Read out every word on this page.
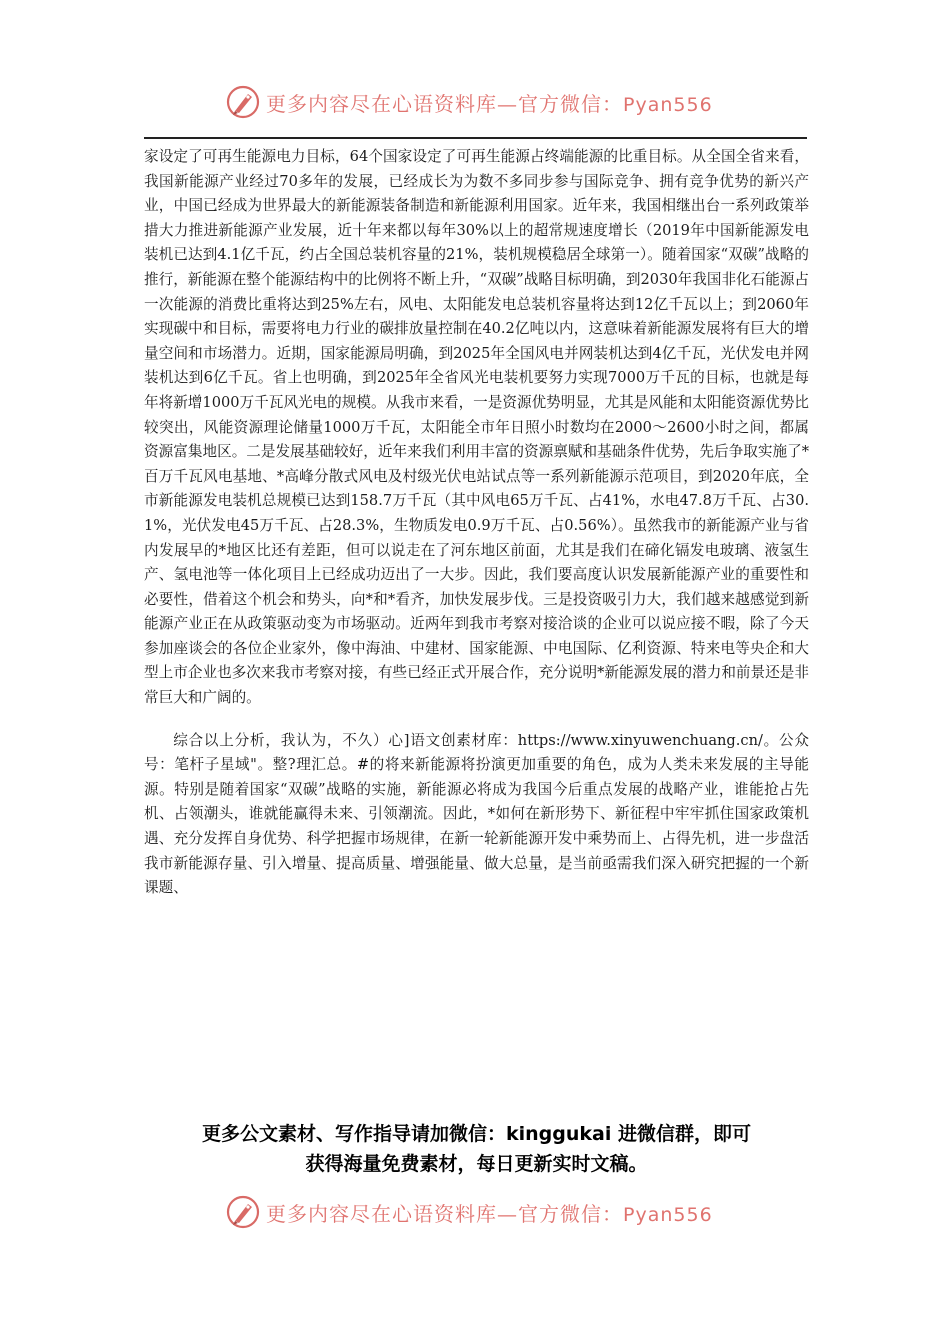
更多内容尽在心语资料库—官方微信：Pyan556

家设定了可再生能源电力目标，64个国家设定了可再生能源占终端能源的比重目标。从全国全省来看，我国新能源产业经过70多年的发展，已经成长为为数不多同步参与国际竞争、拥有竞争优势的新兴产业，中国已经成为世界最大的新能源装备制造和新能源利用国家。近年来，我国相继出台一系列政策举措大力推进新能源产业发展，近十年来都以每年30%以上的超常规速度增长（2019年中国新能源发电装机已达到4.1亿千瓦，约占全国总装机容量的21%，装机规模稳居全球第一）。随着国家“双碳”战略的推行，新能源在整个能源结构中的比例将不断上升，“双碳”战略目标明确，到2030年我国非化石能源占一次能源的消费比重将达到25%左右，风电、太阳能发电总装机容量将达到12亿千瓦以上；到2060年实现碳中和目标，需要将电力行业的碳排放量控制在40.2亿吨以内，这意味着新能源发展将有巨大的增量空间和市场潜力。近期，国家能源局明确，到2025年全国风电并网装机达到4亿千瓦，光伏发电并网装机达到6亿千瓦。省上也明确，到2025年全省风光电装机要努力实现7000万千瓦的目标，也就是每年将新增1000万千瓦风光电的规模。从我市来看，一是资源优势明显，尤其是风能和太阳能资源优势比较突出，风能资源理论储量1000万千瓦，太阳能全市年日照小时数均在2000～2600小时之间，都属资源富集地区。二是发展基础较好，近年来我们利用丰富的资源禀赋和基础条件优势，先后争取实施了*百万千瓦风电基地、*高峰分散式风电及村级光伏电站试点等一系列新能源示范项目，到2020年底，全市新能源发电装机总规模已达到158.7万千瓦（其中风电65万千瓦、占41%，水电47.8万千瓦、占30.1%，光伏发电45万千瓦、占28.3%，生物质发电0.9万千瓦、占0.56%）。虽然我市的新能源产业与省内发展早的*地区比还有差距，但可以说走在了河东地区前面，尤其是我们在碲化镉发电玻璃、液氢生产、氢电池等一体化项目上已经成功迈出了一大步。因此，我们要高度认识发展新能源产业的重要性和必要性，借着这个机会和势头，向*和*看齐，加快发展步伐。三是投资吸引力大，我们越来越感觉到新能源产业正在从政策驱动变为市场驱动。近两年到我市考察对接洽谈的企业可以说应接不暇，除了今天参加座谈会的各位企业家外，像中海油、中建材、国家能源、中电国际、亿利资源、特来电等央企和大型上市企业也多次来我市考察对接，有些已经正式开展合作，充分说明*新能源发展的潜力和前景还是非常巨大和广阔的。

综合以上分析，我认为，不久）心]语文创素材库：https://www.xinyuwenchuang.cn/。公众号：笔杆子星域"。整?理汇总。#的将来新能源将扮演更加重要的角色，成为人类未来发展的主导能源。特别是随着国家“双碳”战略的实施，新能源必将成为我国今后重点发展的战略产业，谁能抢占先机、占领潮头，谁就能赢得未来、引领潮流。因此，*如何在新形势下、新征程中牢牢抓住国家政策机遇、充分发挥自身优势、科学把握市场规律，在新一轮新能源开发中乘势而上、占得先机，进一步盘活我市新能源存量、引入增量、提高质量、增强能量、做大总量，是当前亟需我们深入研究把握的一个新课题、

更多公文素材、写作指导请加微信：kinggukai 进微信群，即可
获得海量免费素材，每日更新实时文稿。
更多内容尽在心语资料库—官方微信：Pyan556
